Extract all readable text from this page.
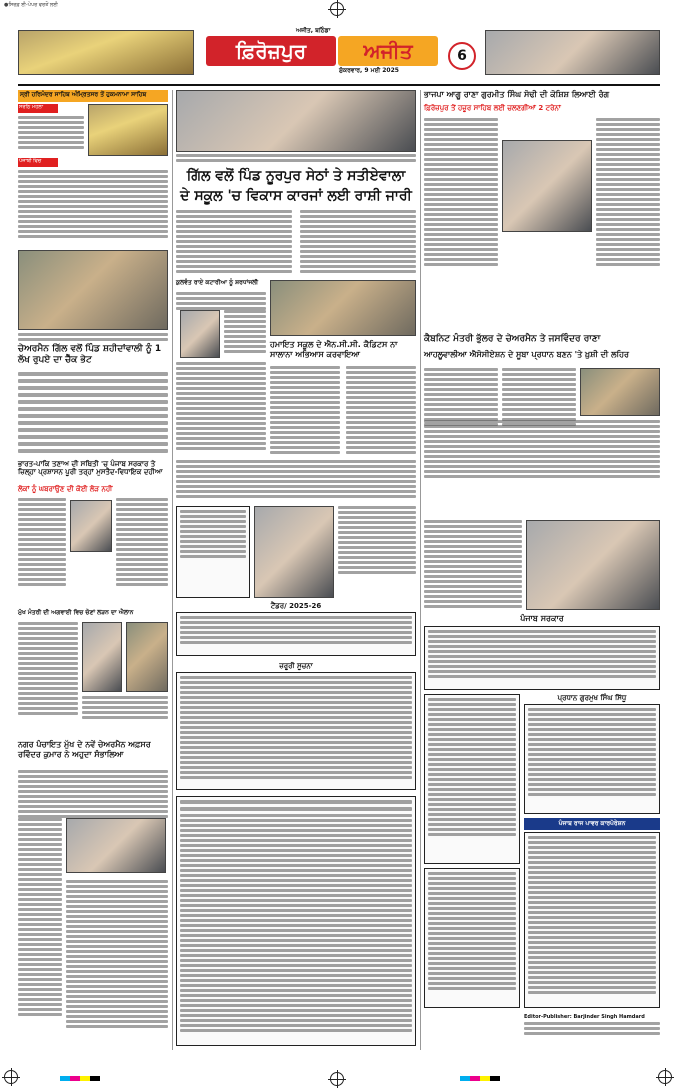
●ਸਿਰਫ਼ ਈ-ਪੇਪਰ ਵਰਤੋਂ ਲਈ
ਅਜੀਤ, ਬਠਿੰਡਾ
ਫ਼ਿਰੋਜ਼ਪੁਰ	ਅਜੀਤ
ਸ਼ੁੱਕਰਵਾਰ, 9 ਮਈ 2025
6
ਸ੍ਰੀ ਹਰਿਮੰਦਰ ਸਾਹਿਬ ਅੰਮ੍ਰਿਤਸਰ ਤੋਂ ਹੁਕਮਨਾਮਾ ਸਾਹਿਬ
ਸੋਰਠਿ ਮਹਲਾ
ਪੰਜਾਬੀ ਵਿਚ
ਚੇਅਰਮੈਨ ਗਿੱਲ ਵਲੋਂ ਪਿੰਡ ਸ਼ਹੀਦਾਂਵਾਲੀ ਨੂੰ 1 ਲੱਖ ਰੁਪਏ ਦਾ ਚੈੱਕ ਭੇਟ
ਭਾਰਤ-ਪਾਕਿ ਤਣਾਅ ਦੀ ਸਥਿਤੀ 'ਚ ਪੰਜਾਬ ਸਰਕਾਰ ਤੇ ਜ਼ਿਲ੍ਹਾ ਪ੍ਰਸ਼ਾਸਨ ਪੂਰੀ ਤਰ੍ਹਾਂ ਮੁਸਤੈਦ-ਵਿਧਾਇਕ ਦਹੀਆ
ਲੋਕਾਂ ਨੂੰ ਘਬਰਾਉਣ ਦੀ ਕੋਈ ਲੋੜ ਨਹੀਂ
ਮੁੱਖ ਮੰਤਰੀ ਦੀ ਅਗਵਾਈ ਵਿਚ ਚੋਣਾਂ ਲੜਨ ਦਾ ਐਲਾਨ
ਨਗਰ ਪੰਚਾਇਤ ਮੁੱਖ ਦੇ ਨਵੇਂ ਚੇਅਰਮੈਨ ਅਫ਼ਸਰ ਰਵਿੰਦਰ ਕੁਮਾਰ ਨੇ ਅਹੁਦਾ ਸੰਭਾਲਿਆ
ਗਿੱਲ ਵਲੋਂ ਪਿੰਡ ਨੂਰਪੁਰ ਸੇਠਾਂ ਤੇ ਸਤੀਏਵਾਲਾ
ਦੇ ਸਕੂਲ 'ਚ ਵਿਕਾਸ ਕਾਰਜਾਂ ਲਈ ਰਾਸ਼ੀ ਜਾਰੀ
ਕੁਲਵੰਤ ਰਾਏ ਕਟਾਰੀਆ ਨੂੰ ਸ਼ਰਧਾਂਜਲੀ
ਹਮਾਇਤ ਸਕੂਲ ਦੇ ਐਨ.ਸੀ.ਸੀ. ਕੈਡਿਟਸ ਨਾ ਸਾਲਾਨਾ ਅਭਿਆਸ ਕਰਵਾਇਆ
ਟੈਂਡਰ/ 2025-26
ਜ਼ਰੂਰੀ ਸੂਚਨਾ
ਭਾਜਪਾ ਆਗੂ ਰਾਣਾ ਗੁਰਮੀਤ ਸਿੰਘ ਸੋਢੀ ਦੀ ਕੋਸ਼ਿਸ਼ ਲਿਆਈ ਰੰਗ
ਫ਼ਿਰੋਜ਼ਪੁਰ ਤੋਂ ਹਜ਼ੂਰ ਸਾਹਿਬ ਲਈ ਚਲਣਗੀਆਂ 2 ਟਰੇਨਾਂ
ਕੈਬਨਿਟ ਮੰਤਰੀ ਭੁੱਲਰ ਦੇ ਚੇਅਰਮੈਨ ਤੇ ਜਸਵਿੰਦਰ ਰਾਣਾ
ਆਹਲੂਵਾਲੀਆ ਐਸੋਸੀਏਸ਼ਨ ਦੇ ਸੂਬਾ ਪ੍ਰਧਾਨ ਬਣਨ 'ਤੇ ਖ਼ੁਸ਼ੀ ਦੀ ਲਹਿਰ
ਪੰਜਾਬ ਸਰਕਾਰ
ਪ੍ਰਧਾਨ ਗੁਰਮੁਖ ਸਿੰਘ ਸਿੱਧੂ
ਪੰਜਾਬ ਰਾਜ ਪਾਵਰ ਕਾਰਪੋਰੇਸ਼ਨ
Editor-Publisher: Barjinder Singh Hamdard
